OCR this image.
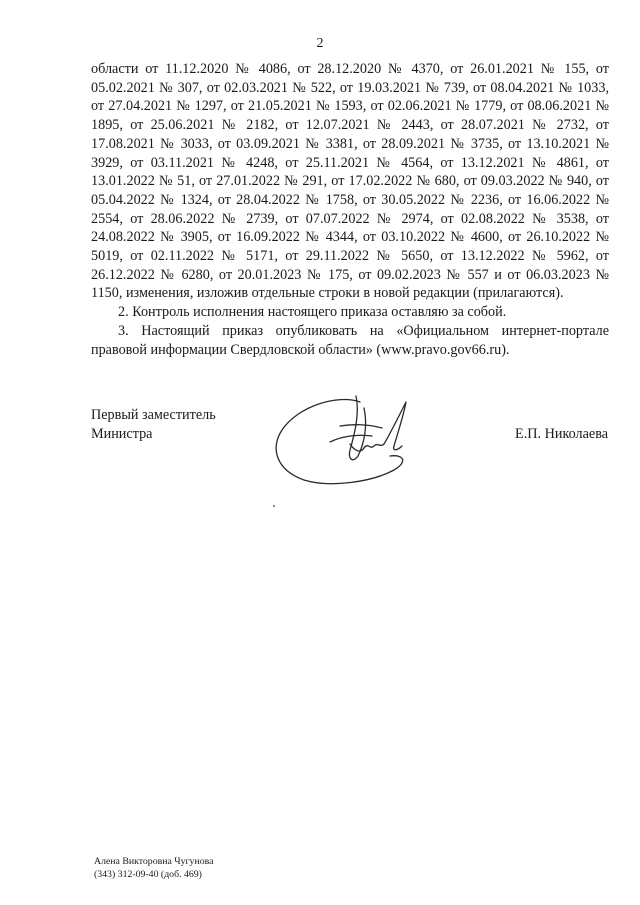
2

области от 11.12.2020 № 4086, от 28.12.2020 № 4370, от 26.01.2021 № 155, от 05.02.2021 № 307, от 02.03.2021 № 522, от 19.03.2021 № 739, от 08.04.2021 № 1033, от 27.04.2021 № 1297, от 21.05.2021 № 1593, от 02.06.2021 № 1779, от 08.06.2021 № 1895, от 25.06.2021 № 2182, от 12.07.2021 № 2443, от 28.07.2021 № 2732, от 17.08.2021 № 3033, от 03.09.2021 № 3381, от 28.09.2021 № 3735, от 13.10.2021 № 3929, от 03.11.2021 № 4248, от 25.11.2021 № 4564, от 13.12.2021 № 4861, от 13.01.2022 № 51, от 27.01.2022 № 291, от 17.02.2022 № 680, от 09.03.2022 № 940, от 05.04.2022 № 1324, от 28.04.2022 № 1758, от 30.05.2022 № 2236, от 16.06.2022 № 2554, от 28.06.2022 № 2739, от 07.07.2022 № 2974, от 02.08.2022 № 3538, от 24.08.2022 № 3905, от 16.09.2022 № 4344, от 03.10.2022 № 4600, от 26.10.2022 № 5019, от 02.11.2022 № 5171, от 29.11.2022 № 5650, от 13.12.2022 № 5962, от 26.12.2022 № 6280, от 20.01.2023 № 175, от 09.02.2023 № 557 и от 06.03.2023 № 1150, изменения, изложив отдельные строки в новой редакции (прилагаются).

2. Контроль исполнения настоящего приказа оставляю за собой.

3. Настоящий приказ опубликовать на «Официальном интернет-портале правовой информации Свердловской области» (www.pravo.gov66.ru).

Первый заместитель
Министра	Е.П. Николаева
Алена Викторовна Чугунова
(343) 312-09-40 (доб. 469)
